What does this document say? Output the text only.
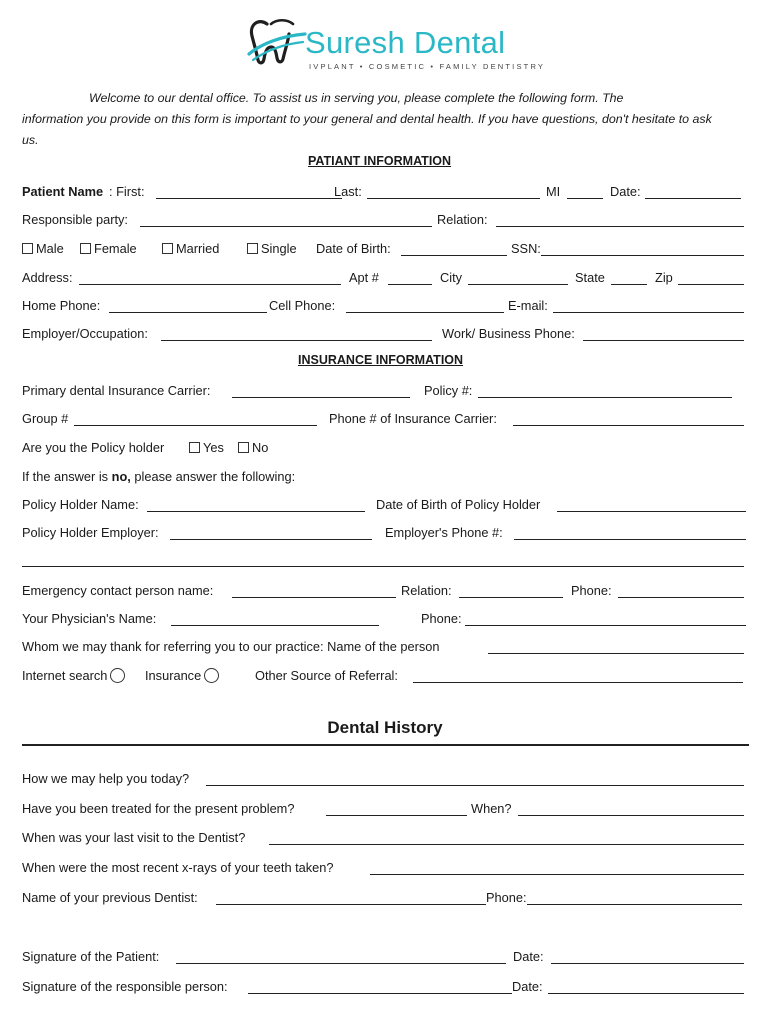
Suresh Dental
IVPLANT • COSMETIC • FAMILY DENTISTRY
Welcome to our dental office. To assist us in serving you, please complete the following form. The
information you provide on this form is important to your general and dental health. If you have questions, don't hesitate to ask us.
PATIANT INFORMATION
Patient Name : First:	Last:	MI	Date:
Responsible party:	Relation:
Male	Female	Married	Single Date of Birth:	SSN:
Address:	Apt #	City	State	Zip
Home Phone:	Cell Phone:	E-mail:
Employer/Occupation:	Work/ Business Phone:
INSURANCE INFORMATION
Primary dental Insurance Carrier:	Policy #:
Group #	Phone # of Insurance Carrier:
Are you the Policy holder	Yes	No
If the answer is no, please answer the following:
Policy Holder Name:	Date of Birth of Policy Holder
Policy Holder Employer:	Employer's Phone #:
Emergency contact person name:	Relation:	Phone:
Your Physician's Name:	Phone:
Whom we may thank for referring you to our practice: Name of the person
Internet search	Insurance	Other Source of Referral:
Dental History
How we may help you today?
Have you been treated for the present problem?	When?
When was your last visit to the Dentist?
When were the most recent x-rays of your teeth taken?
Name of your previous Dentist:	Phone:
Signature of the Patient:	Date:
Signature of the responsible person:	Date:
